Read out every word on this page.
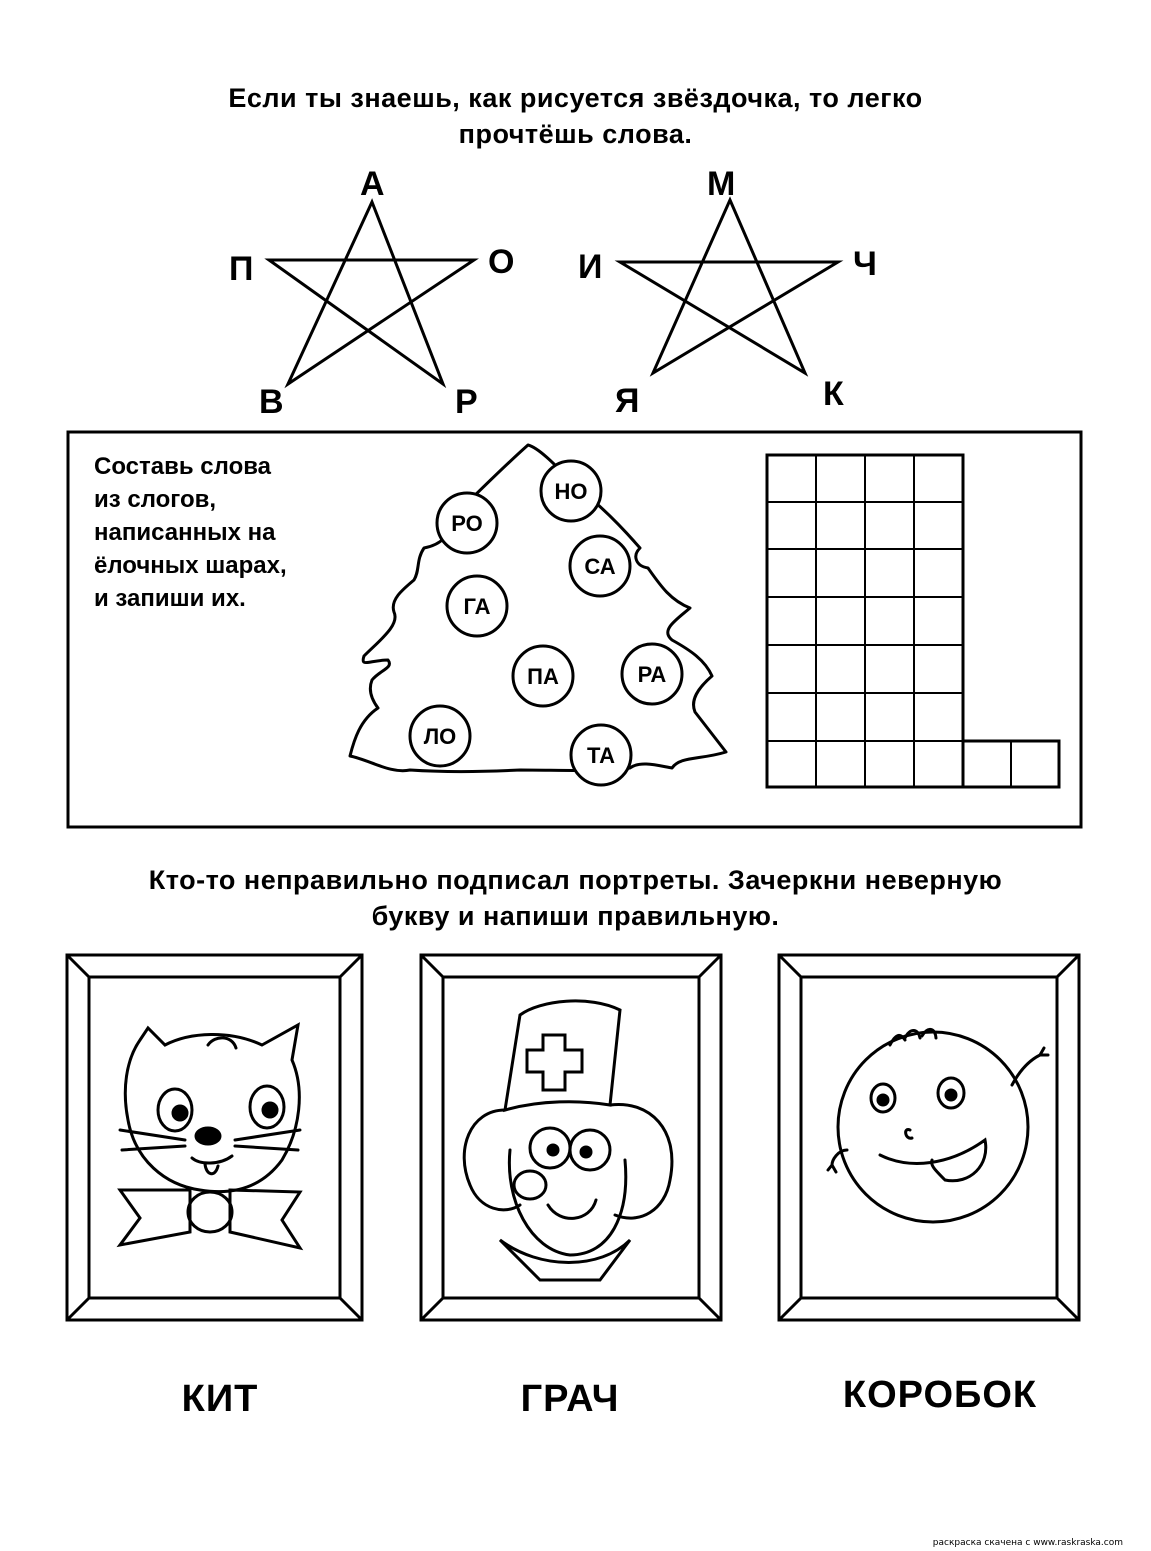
Если ты знаешь, как рисуется звёздочка, то легко
прочтёшь слова.
А
О
Р
В
П
М
Ч
К
Я
И
НО
РО
СА
ГА
ПА	РА
ЛО
ТА
Составь слова
из слогов,
написанных на
ёлочных шарах,
и запиши их.
Кто-то неправильно подписал портреты. Зачеркни неверную
букву и напиши правильную.
КИТ	ГРАЧ	КОРОБОК
раскраска скачена с www.raskraska.com
